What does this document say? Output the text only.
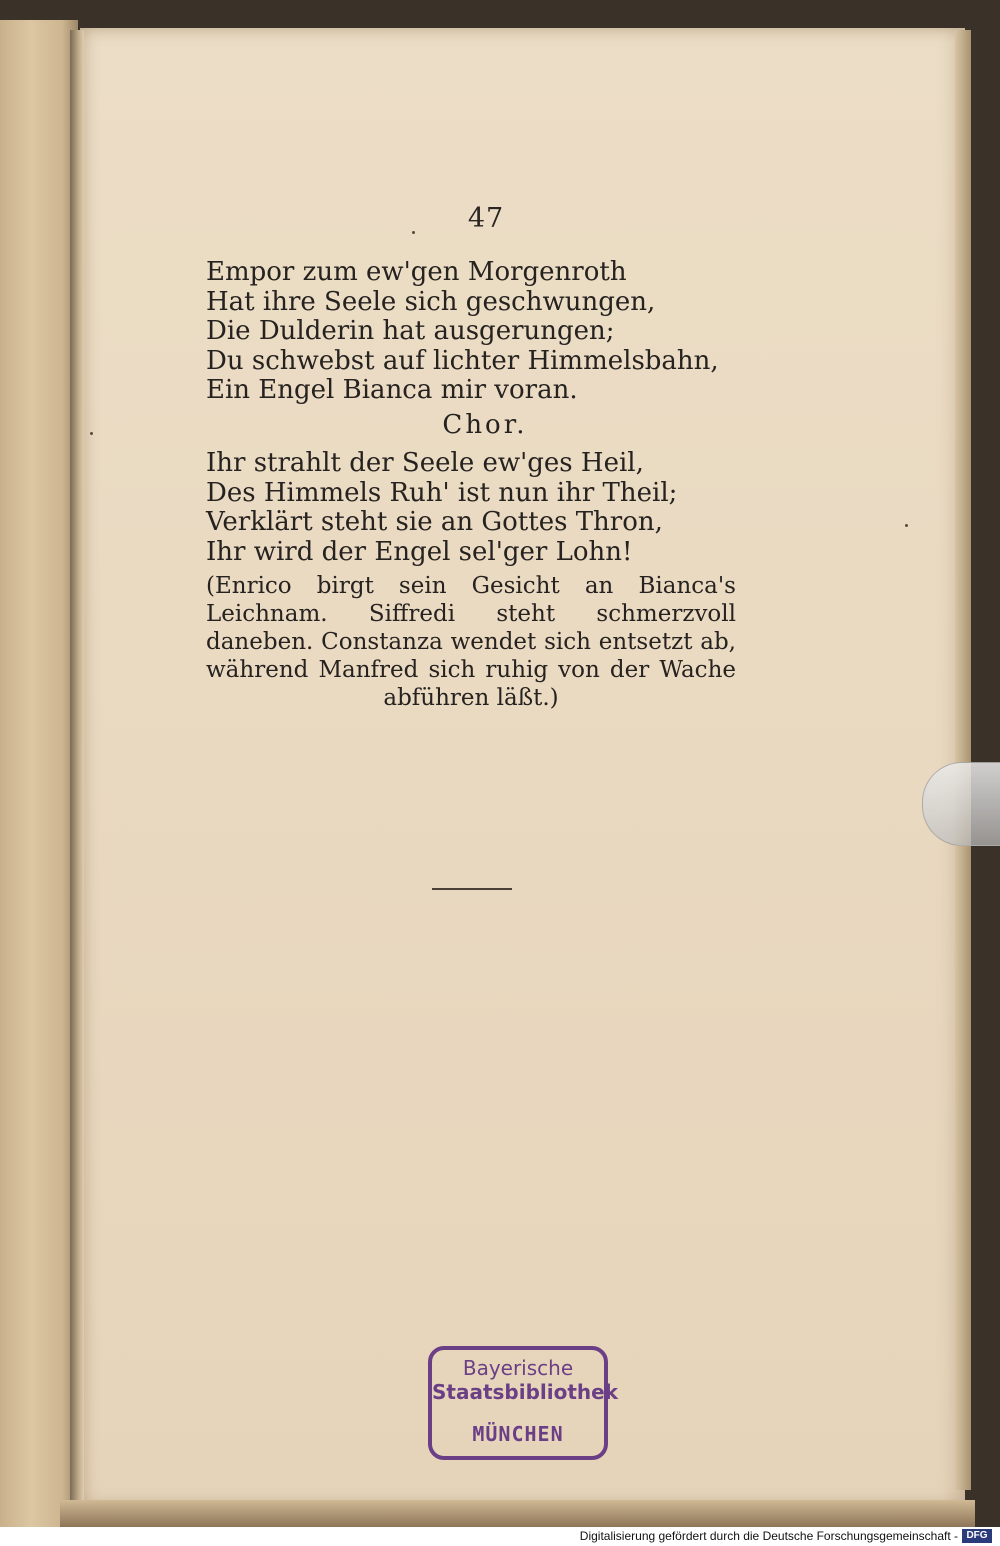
47
Empor zum ew'gen Morgenroth
Hat ihre Seele sich geschwungen,
Die Dulderin hat ausgerungen;
Du schwebst auf lichter Himmelsbahn,
Ein Engel Bianca mir voran.
Chor.
Ihr strahlt der Seele ew'ges Heil,
Des Himmels Ruh' ist nun ihr Theil;
Verklärt steht sie an Gottes Thron,
Ihr wird der Engel sel'ger Lohn!
(Enrico birgt sein Gesicht an Bianca's Leichnam. Siffredi steht schmerzvoll daneben. Constanza wendet sich entsetzt ab, während Manfred sich ruhig von der Wache abführen läßt.)
Bayerische
Staatsbibliothek
MÜNCHEN
Digitalisierung gefördert durch die Deutsche Forschungsgemeinschaft - DFG
